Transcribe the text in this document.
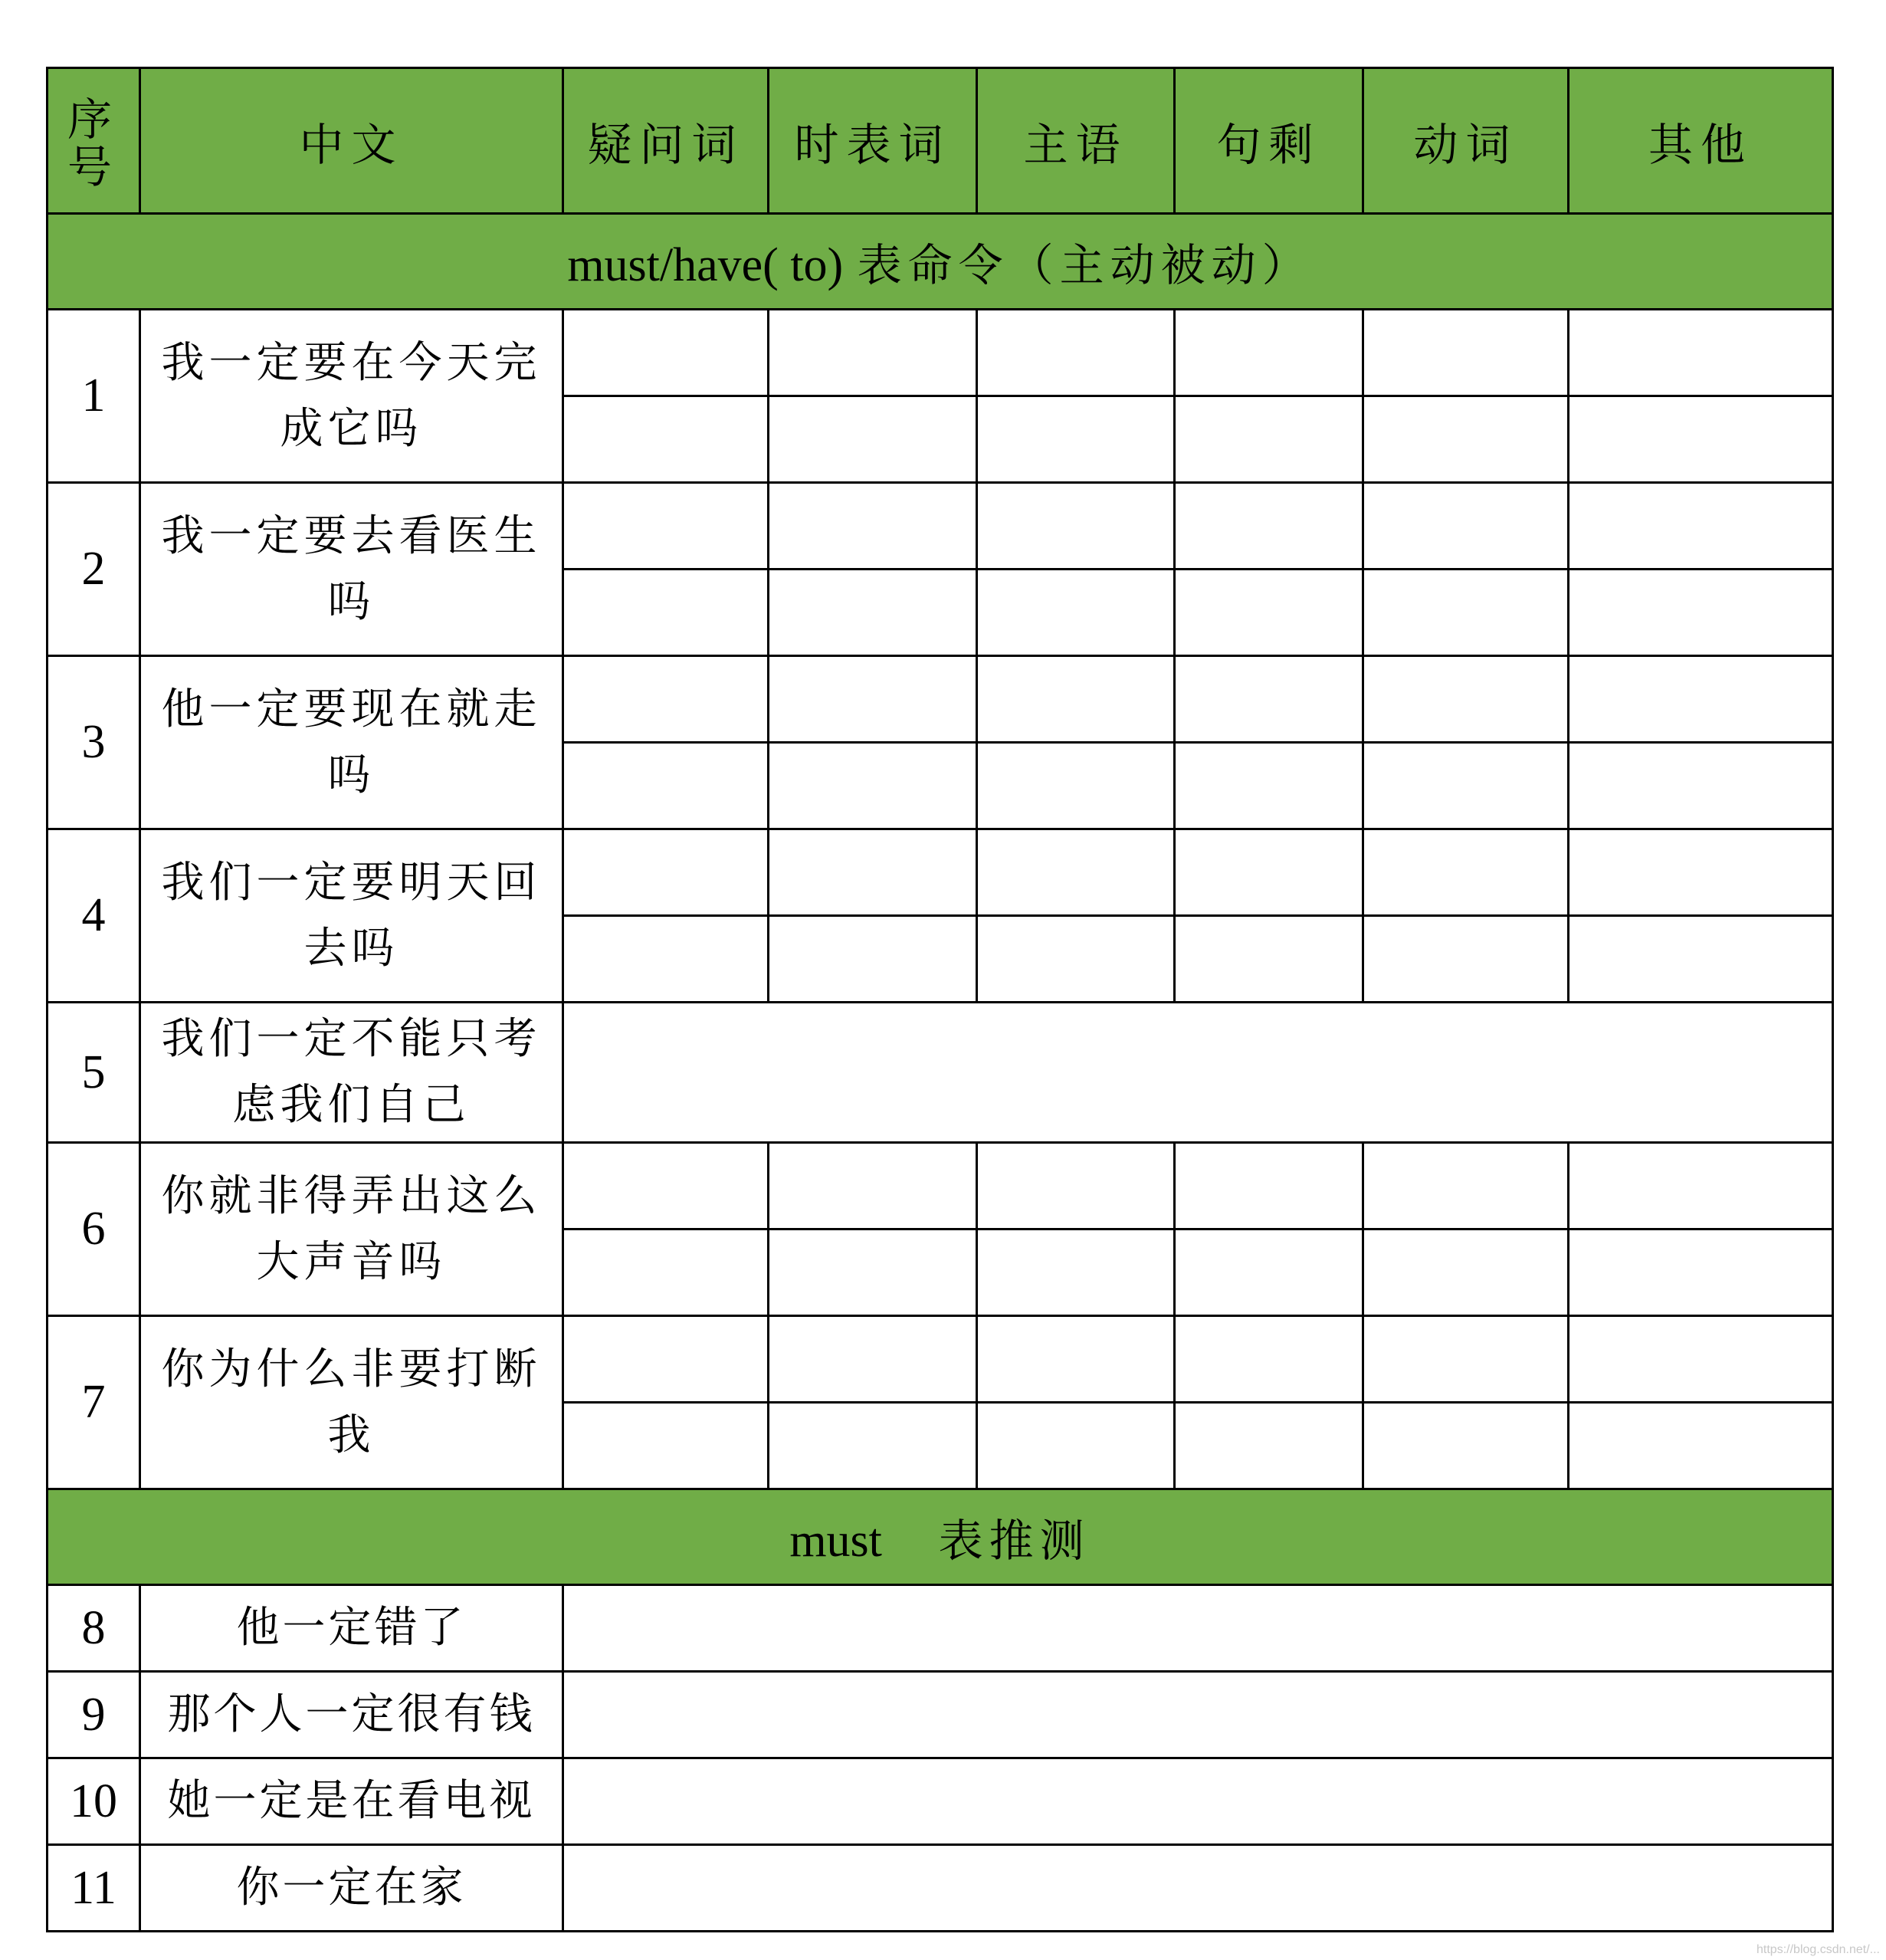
序号	中文	疑问词	时表词	主语	句剩	动词	其他
must/have( to) 表命令（主动被动）							
1	我一定要在今天完成它吗						

2	我一定要去看医生吗						

3	他一定要现在就走吗						

4	我们一定要明天回去吗						

5	我们一定不能只考虑我们自己						
6	你就非得弄出这么大声音吗						

7	你为什么非要打断我						

must 表推测							
8	他一定错了						
9	那个人一定很有钱						
10	她一定是在看电视						
11	你一定在家						
https://blog.csdn.net/...
